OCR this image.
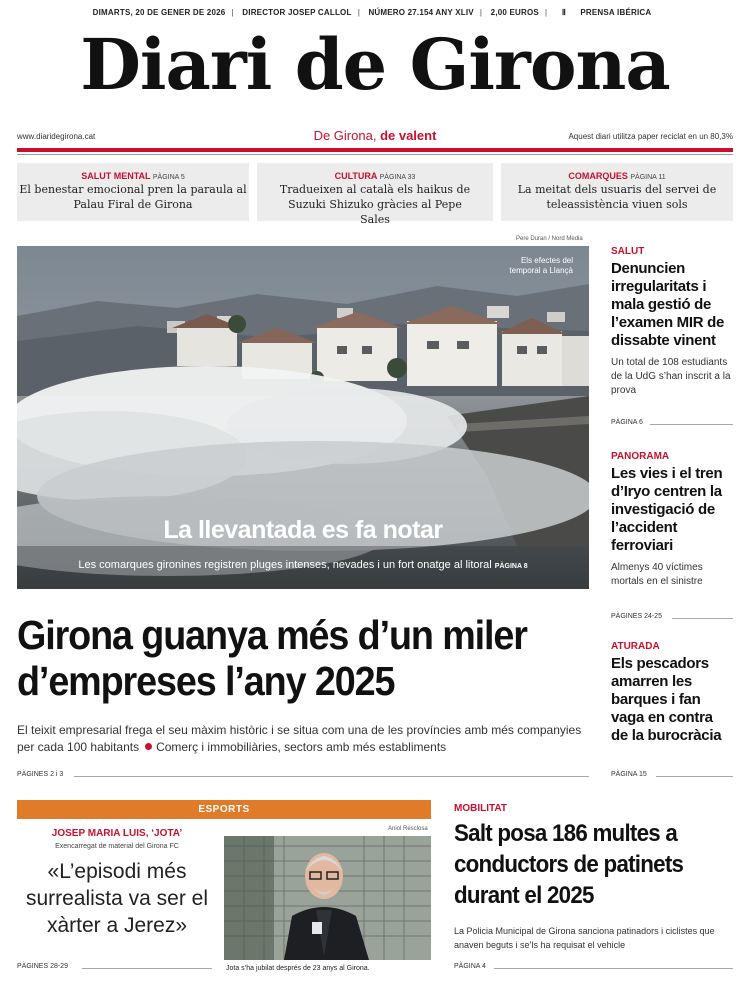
DIMARTS, 20 DE GENER DE 2026 | DIRECTOR JOSEP CALLOL | NÚMERO 27.154 ANY XLIV | 2,00 EUROS | Ⅱ PRENSA IBÉRICA
Diari de Girona
www.diaridegirona.cat	De Girona, de valent	Aquest diari utilitza paper reciclat en un 80,3%
SALUT MENTAL PÀGINA 5
El benestar emocional pren la paraula al Palau Firal de Girona
CULTURA PÀGINA 33
Tradueixen al català els haikus de Suzuki Shizuko gràcies al Pepe Sales
COMARQUES PÀGINA 11
La meitat dels usuaris del servei de teleassistència viuen sols
Pere Duran / Nord Media
Els efectes del temporal a Llançà
La llevantada es fa notar
Les comarques gironines registren pluges intenses, nevades i un fort onatge al litoral PÀGINA 8
Girona guanya més d’un miler d’empreses l’any 2025
El teixit empresarial frega el seu màxim històric i se situa com una de les províncies amb més companyies per cada 100 habitants Comerç i immobiliàries, sectors amb més establiments
PÀGINES 2 i 3
SALUT
Denuncien irregularitats i mala gestió de l’examen MIR de dissabte vinent
Un total de 108 estudiants de la UdG s’han inscrit a la prova
PÀGINA 6
PANORAMA
Les vies i el tren d’Iryo centren la investigació de l’accident ferroviari
Almenys 40 víctimes mortals en el sinistre
PÀGINES 24-25
ATURADA
Els pescadors amarren les barques i fan vaga en contra de la burocràcia
PÀGINA 15
ESPORTS
JOSEP MARIA LUIS, ‘JOTA’
Exencarregat de material del Girona FC
«L’episodi més surrealista va ser el xàrter a Jerez»
PÀGINES 28-29
Aniol Resclosa
Jota s’ha jubilat després de 23 anys al Girona.
MOBILITAT
Salt posa 186 multes a conductors de patinets durant el 2025
La Policia Municipal de Girona sanciona patinadors i ciclistes que anaven beguts i se’ls ha requisat el vehicle
PÀGINA 4
